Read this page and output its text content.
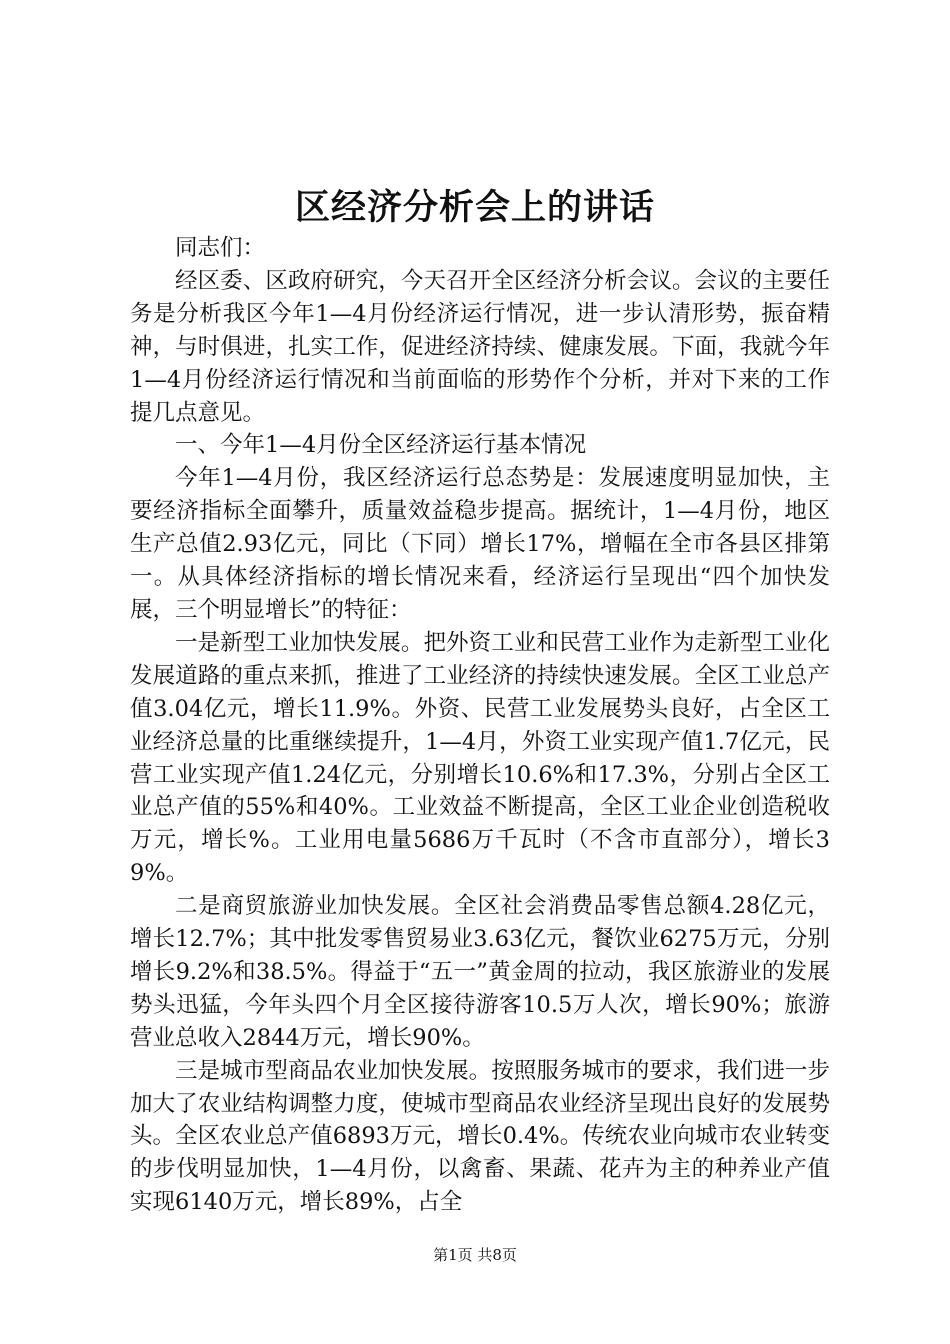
区经济分析会上的讲话

同志们：

经区委、区政府研究，今天召开全区经济分析会议。会议的主要任务是分析我区今年1—4月份经济运行情况，进一步认清形势，振奋精神，与时俱进，扎实工作，促进经济持续、健康发展。下面，我就今年1—4月份经济运行情况和当前面临的形势作个分析，并对下来的工作提几点意见。

一、今年1—4月份全区经济运行基本情况

今年1—4月份，我区经济运行总态势是：发展速度明显加快，主要经济指标全面攀升，质量效益稳步提高。据统计，1—4月份，地区生产总值2.93亿元，同比（下同）增长17%，增幅在全市各县区排第一。从具体经济指标的增长情况来看，经济运行呈现出“四个加快发展，三个明显增长”的特征：

一是新型工业加快发展。把外资工业和民营工业作为走新型工业化发展道路的重点来抓，推进了工业经济的持续快速发展。全区工业总产值3.04亿元，增长11.9%。外资、民营工业发展势头良好，占全区工业经济总量的比重继续提升，1—4月，外资工业实现产值1.7亿元，民营工业实现产值1.24亿元，分别增长10.6%和17.3%，分别占全区工业总产值的55%和40%。工业效益不断提高，全区工业企业创造税收万元，增长%。工业用电量5686万千瓦时（不含市直部分），增长39%。

二是商贸旅游业加快发展。全区社会消费品零售总额4.28亿元，增长12.7%；其中批发零售贸易业3.63亿元，餐饮业6275万元，分别增长9.2%和38.5%。得益于“五一”黄金周的拉动，我区旅游业的发展势头迅猛，今年头四个月全区接待游客10.5万人次，增长90%；旅游营业总收入2844万元，增长90%。

三是城市型商品农业加快发展。按照服务城市的要求，我们进一步加大了农业结构调整力度，使城市型商品农业经济呈现出良好的发展势头。全区农业总产值6893万元，增长0.4%。传统农业向城市农业转变的步伐明显加快，1—4月份，以禽畜、果蔬、花卉为主的种养业产值实现6140万元，增长89%，占全

第1页 共8页
